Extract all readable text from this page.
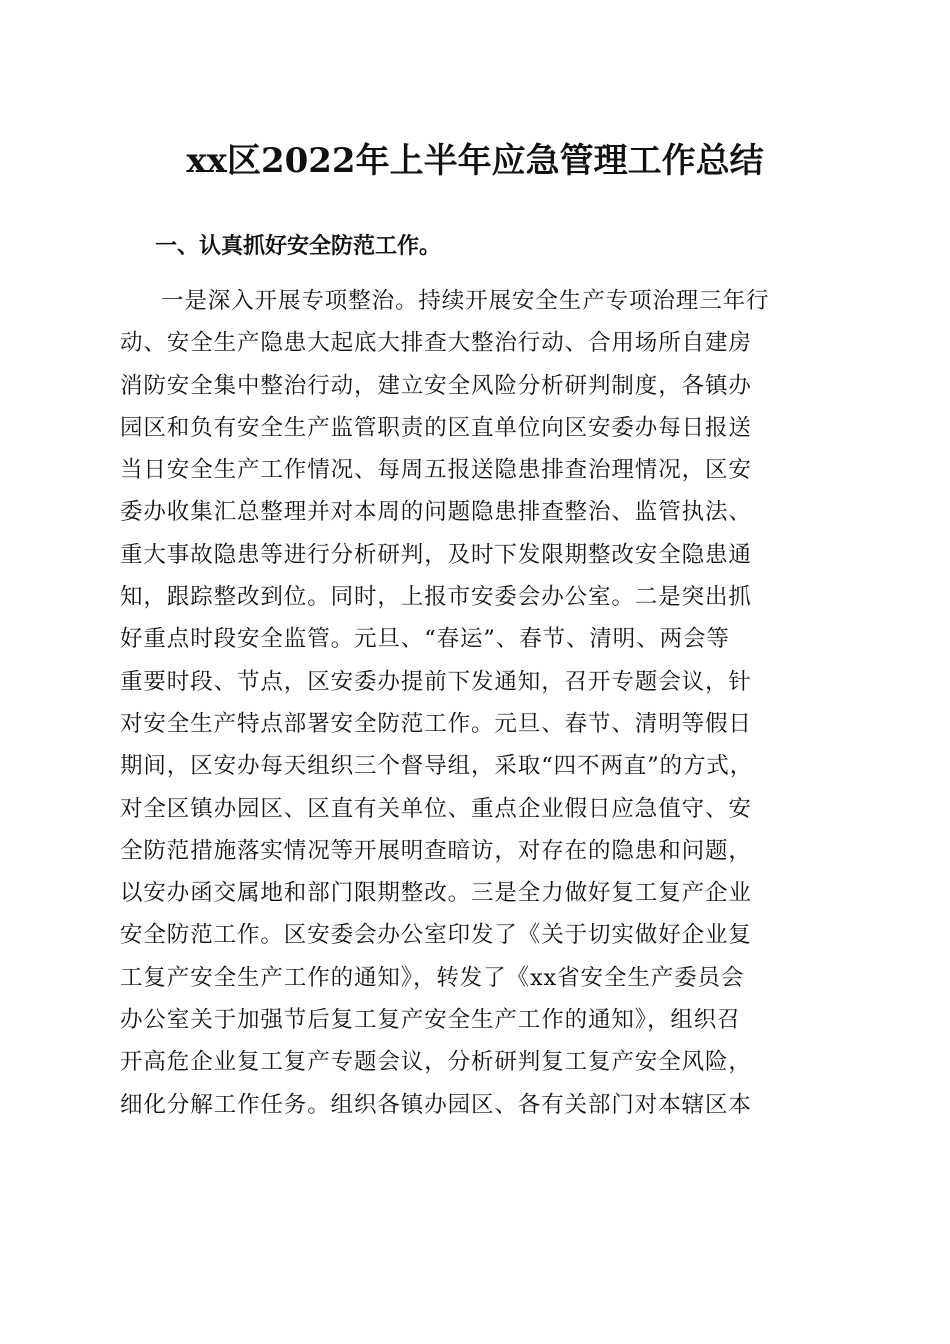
xx区2022年上半年应急管理工作总结
一、认真抓好安全防范工作。
一是深入开展专项整治。持续开展安全生产专项治理三年行
动、安全生产隐患大起底大排查大整治行动、合用场所自建房
消防安全集中整治行动，建立安全风险分析研判制度，各镇办
园区和负有安全生产监管职责的区直单位向区安委办每日报送
当日安全生产工作情况、每周五报送隐患排查治理情况，区安
委办收集汇总整理并对本周的问题隐患排查整治、监管执法、
重大事故隐患等进行分析研判，及时下发限期整改安全隐患通
知，跟踪整改到位。同时，上报市安委会办公室。二是突出抓
好重点时段安全监管。元旦、“春运”、春节、清明、两会等
重要时段、节点，区安委办提前下发通知，召开专题会议，针
对安全生产特点部署安全防范工作。元旦、春节、清明等假日
期间，区安办每天组织三个督导组，采取“四不两直”的方式，
对全区镇办园区、区直有关单位、重点企业假日应急值守、安
全防范措施落实情况等开展明查暗访，对存在的隐患和问题，
以安办函交属地和部门限期整改。三是全力做好复工复产企业
安全防范工作。区安委会办公室印发了《关于切实做好企业复
工复产安全生产工作的通知》，转发了《xx省安全生产委员会
办公室关于加强节后复工复产安全生产工作的通知》，组织召
开高危企业复工复产专题会议，分析研判复工复产安全风险，
细化分解工作任务。组织各镇办园区、各有关部门对本辖区本
